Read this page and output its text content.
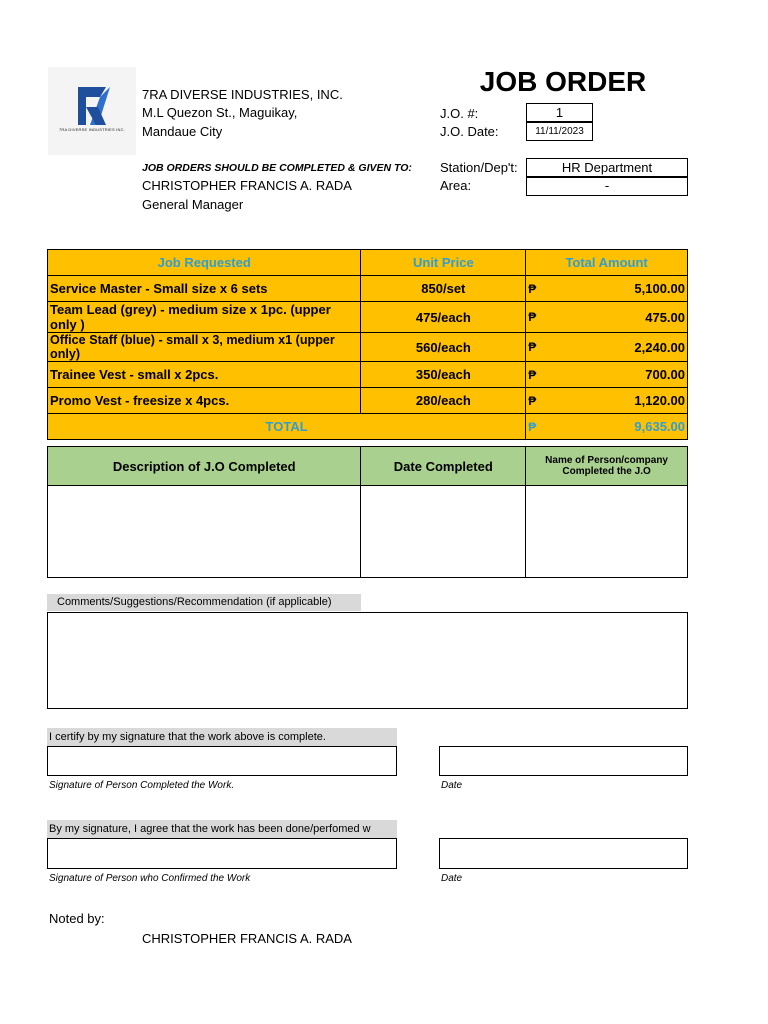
7RA DIVERSE INDUSTRIES INC.
7RA DIVERSE INDUSTRIES, INC.
M.L Quezon St., Maguikay,
Mandaue City
JOB ORDER
J.O. #:	1
J.O. Date:	11/11/2023
JOB ORDERS SHOULD BE COMPLETED & GIVEN TO:
CHRISTOPHER FRANCIS A. RADA
General Manager
Station/Dep't:	HR Department
Area:	-
Job Requested	Unit Price	Total Amount
Service Master - Small size x 6 sets	850/set	₱ 5,100.00

Team Lead (grey) - medium size x 1pc. (upper only )	475/each	₱ 475.00

Office Staff (blue) - small x 3, medium x1 (upper only)	560/each	₱ 2,240.00

Trainee Vest - small x 2pcs.	350/each	₱ 700.00

Promo Vest - freesize x 4pcs.	280/each	₱ 1,120.00

TOTAL		₱ 9,635.00
Description of J.O Completed	Date Completed	Name of Person/company Completed the J.O

Comments/Suggestions/Recommendation (if applicable)
I certify by my signature that the work above is complete.
Signature of Person Completed the Work.	Date
By my signature, I agree that the work has been done/perfomed w
Signature of Person who Confirmed the Work	Date
Noted by:
CHRISTOPHER FRANCIS A. RADA
